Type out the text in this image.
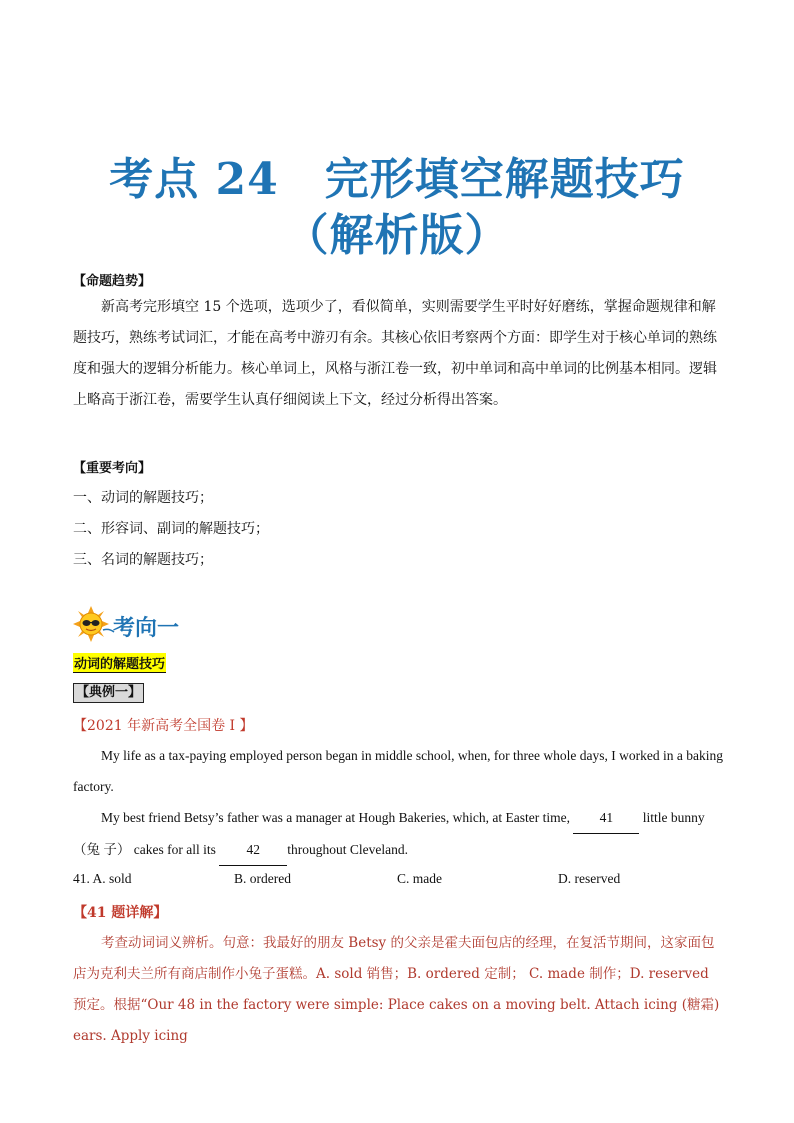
考点 24 完形填空解题技巧
（解析版）
【命题趋势】
新高考完形填空 15 个选项，选项少了，看似简单，实则需要学生平时好好磨练，掌握命题规律和解题技巧，熟练考试词汇，才能在高考中游刃有余。其核心依旧考察两个方面：即学生对于核心单词的熟练度和强大的逻辑分析能力。核心单词上，风格与浙江卷一致，初中单词和高中单词的比例基本相同。逻辑上略高于浙江卷，需要学生认真仔细阅读上下文，经过分析得出答案。
【重要考向】
一、动词的解题技巧；
二、形容词、副词的解题技巧；
三、名词的解题技巧；
考向一
动词的解题技巧
【典例一】
【2021 年新高考全国卷 I 】
My life as a tax-paying employed person began in middle school, when, for three whole days, I worked in a baking factory.
My best friend Betsy’s father was a manager at Hough Bakeries, which, at Easter time, 41 little bunny （兔 子） cakes for all its 42 throughout Cleveland.
41. A. sold	B. ordered	C. made	D. reserved
【41 题详解】
考查动词词义辨析。句意：我最好的朋友 Betsy 的父亲是霍夫面包店的经理，在复活节期间，这家面包店为克利夫兰所有商店制作小兔子蛋糕。A. sold 销售；B. ordered 定制； C. made 制作；D. reserved 预定。根据“Our 48 in the factory were simple: Place cakes on a moving belt. Attach icing (糖霜) ears. Apply icing
